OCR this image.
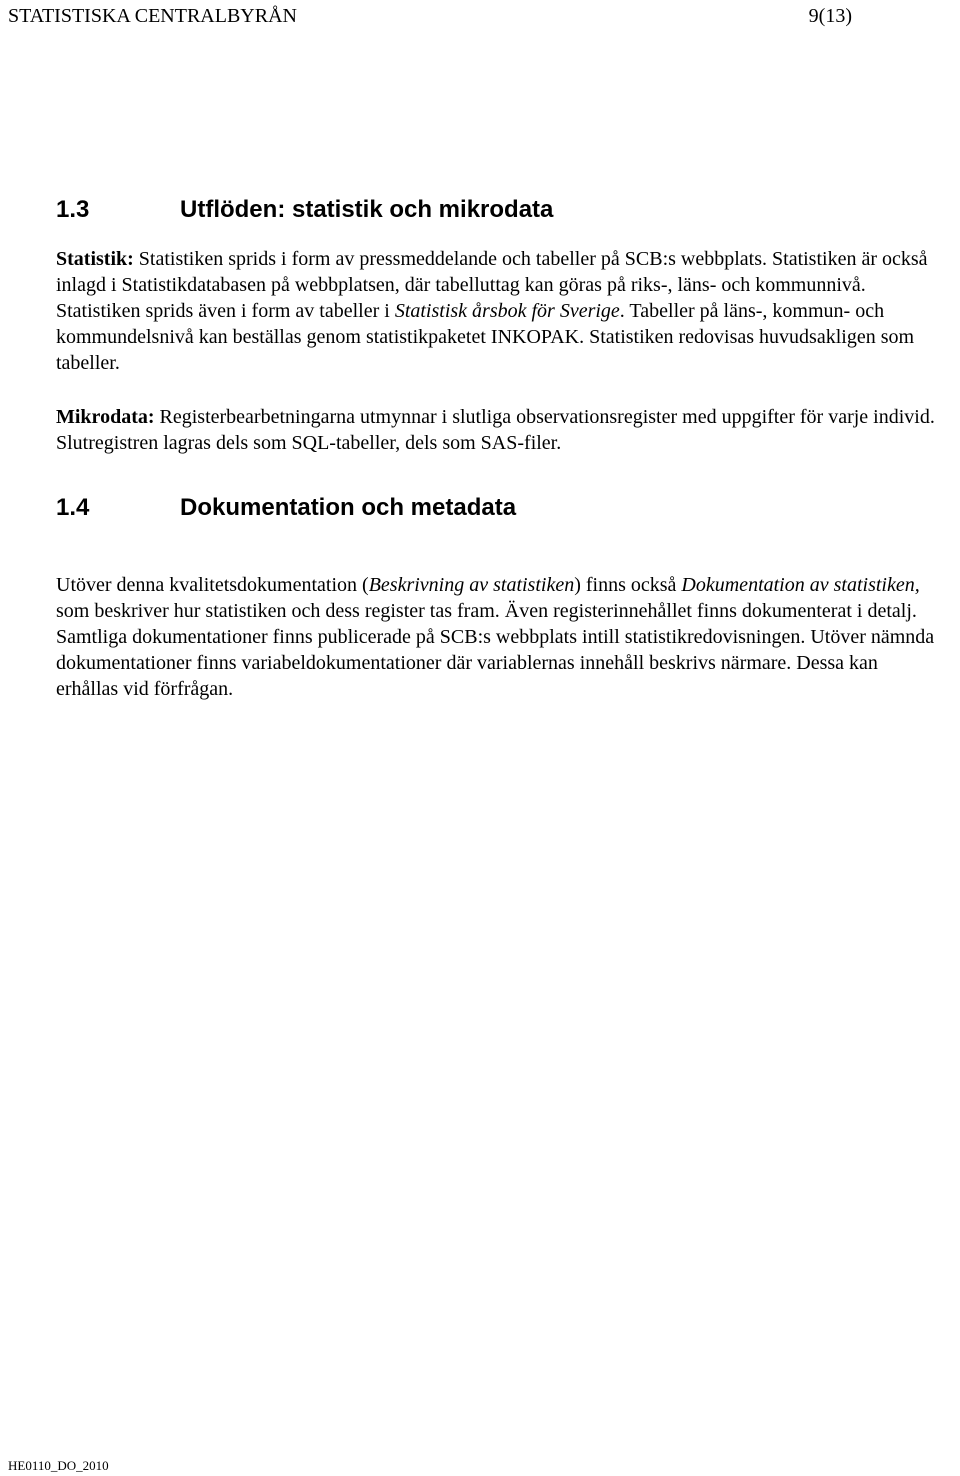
STATISTISKA CENTRALBYRÅN	9(13)
1.3	Utflöden: statistik och mikrodata

Statistik: Statistiken sprids i form av pressmeddelande och tabeller på SCB:s webbplats. Statistiken är också inlagd i Statistikdatabasen på webbplatsen, där tabelluttag kan göras på riks-, läns- och kommunnivå. Statistiken sprids även i form av tabeller i Statistisk årsbok för Sverige. Tabeller på läns-, kommun- och kommundelsnivå kan beställas genom statistikpaketet INKOPAK. Statistiken redovisas huvudsakligen som tabeller.

Mikrodata: Registerbearbetningarna utmynnar i slutliga observationsregister med uppgifter för varje individ. Slutregistren lagras dels som SQL-tabeller, dels som SAS-filer.

1.4	Dokumentation och metadata

Utöver denna kvalitetsdokumentation (Beskrivning av statistiken) finns också Dokumentation av statistiken, som beskriver hur statistiken och dess register tas fram. Även registerinnehållet finns dokumenterat i detalj. Samtliga dokumentationer finns publicerade på SCB:s webbplats intill statistikredovisningen. Utöver nämnda dokumentationer finns variabeldokumentationer där variablernas innehåll beskrivs närmare. Dessa kan erhållas vid förfrågan.

HE0110_DO_2010
